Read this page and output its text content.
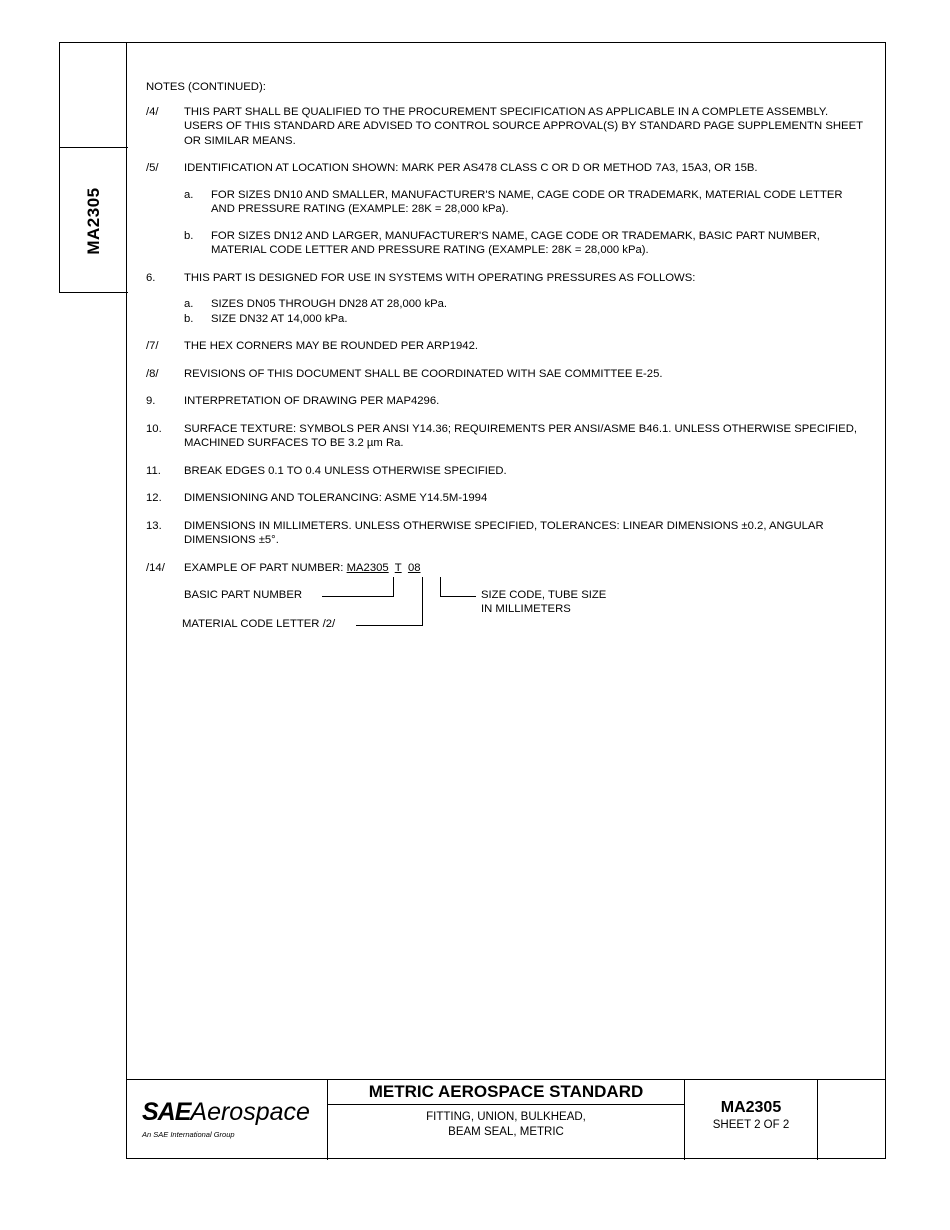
MA2305
NOTES (CONTINUED):
/4/	THIS PART SHALL BE QUALIFIED TO THE PROCUREMENT SPECIFICATION AS APPLICABLE IN A COMPLETE ASSEMBLY. USERS OF THIS STANDARD ARE ADVISED TO CONTROL SOURCE APPROVAL(S) BY STANDARD PAGE SUPPLEMENTN SHEET OR SIMILAR MEANS.
/5/	IDENTIFICATION AT LOCATION SHOWN: MARK PER AS478 CLASS C OR D OR METHOD 7A3, 15A3, OR 15B.
a.	FOR SIZES DN10 AND SMALLER, MANUFACTURER'S NAME, CAGE CODE OR TRADEMARK, MATERIAL CODE LETTER AND PRESSURE RATING (EXAMPLE: 28K = 28,000 kPa).
b.	FOR SIZES DN12 AND LARGER, MANUFACTURER'S NAME, CAGE CODE OR TRADEMARK, BASIC PART NUMBER, MATERIAL CODE LETTER AND PRESSURE RATING (EXAMPLE: 28K = 28,000 kPa).
6.	THIS PART IS DESIGNED FOR USE IN SYSTEMS WITH OPERATING PRESSURES AS FOLLOWS:
a.	SIZES DN05 THROUGH DN28 AT 28,000 kPa.
b.	SIZE DN32 AT 14,000 kPa.
/7/	THE HEX CORNERS MAY BE ROUNDED PER ARP1942.
/8/	REVISIONS OF THIS DOCUMENT SHALL BE COORDINATED WITH SAE COMMITTEE E-25.
9.	INTERPRETATION OF DRAWING PER MAP4296.
10.	SURFACE TEXTURE: SYMBOLS PER ANSI Y14.36; REQUIREMENTS PER ANSI/ASME B46.1. UNLESS OTHERWISE SPECIFIED, MACHINED SURFACES TO BE 3.2 µm Ra.
11.	BREAK EDGES 0.1 TO 0.4 UNLESS OTHERWISE SPECIFIED.
12.	DIMENSIONING AND TOLERANCING: ASME Y14.5M-1994
13.	DIMENSIONS IN MILLIMETERS. UNLESS OTHERWISE SPECIFIED, TOLERANCES: LINEAR DIMENSIONS ±0.2, ANGULAR DIMENSIONS ±5°.
/14/	EXAMPLE OF PART NUMBER: MA2305 T 08
BASIC PART NUMBER
MATERIAL CODE LETTER /2/
SIZE CODE, TUBE SIZE
IN MILLIMETERS
SAEAerospace
An SAE International Group
METRIC AEROSPACE STANDARD
FITTING, UNION, BULKHEAD,
BEAM SEAL, METRIC
MA2305
SHEET 2 OF 2
